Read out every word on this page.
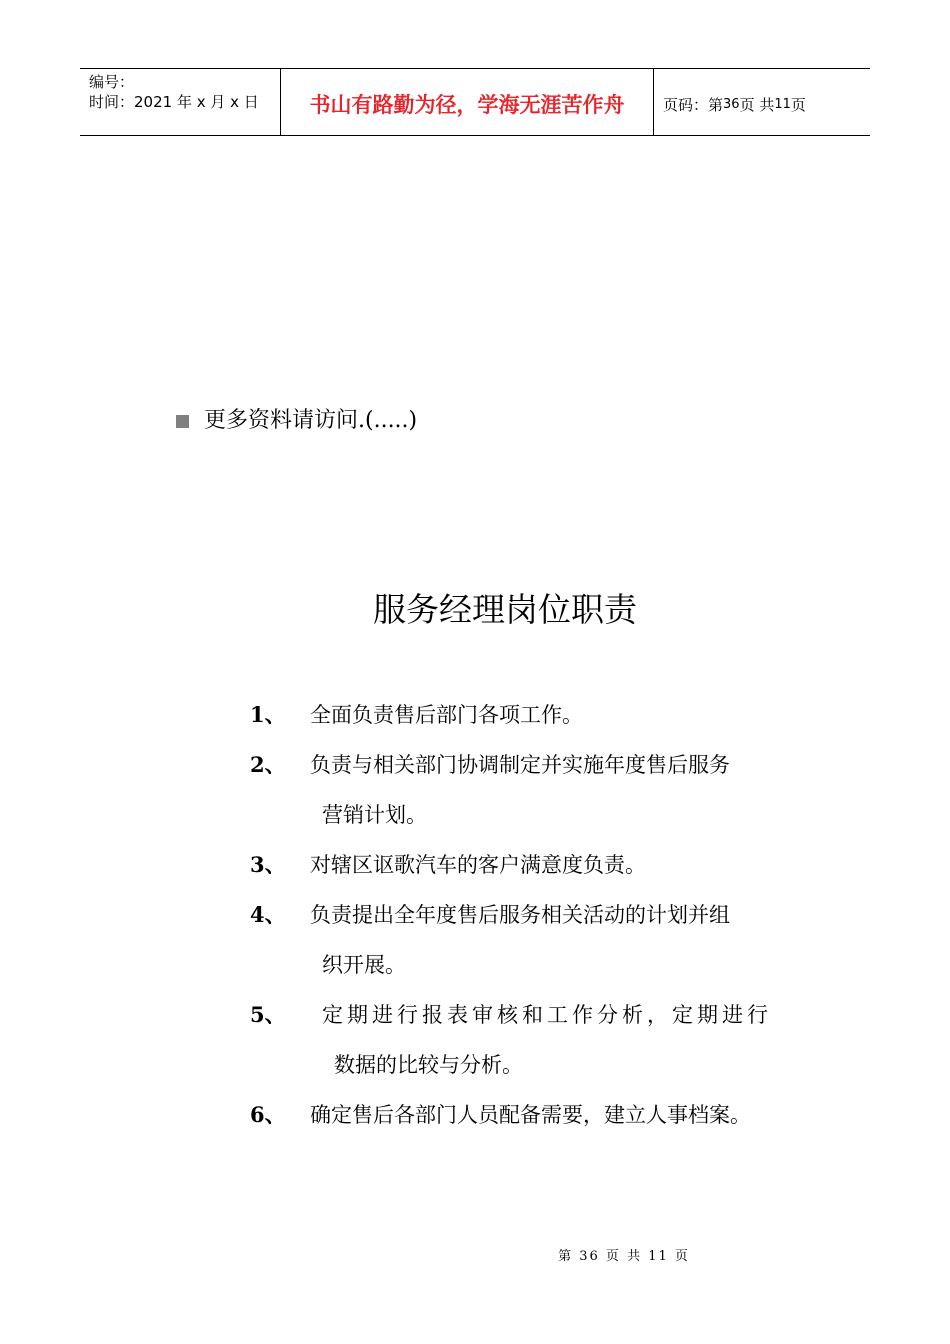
编号：
时间：2021 年 x 月 x 日	书山有路勤为径，学海无涯苦作舟	页码：第 36 页 共 11 页
更多资料请访问.(.....)
服务经理岗位职责
1、	全面负责售后部门各项工作。
2、	负责与相关部门协调制定并实施年度售后服务
营销计划。
3、	对辖区讴歌汽车的客户满意度负责。
4、	负责提出全年度售后服务相关活动的计划并组
织开展。
5、	定期进行报表审核和工作分析，定期进行
数据的比较与分析。
6、	确定售后各部门人员配备需要，建立人事档案。
第 36 页 共 11 页
